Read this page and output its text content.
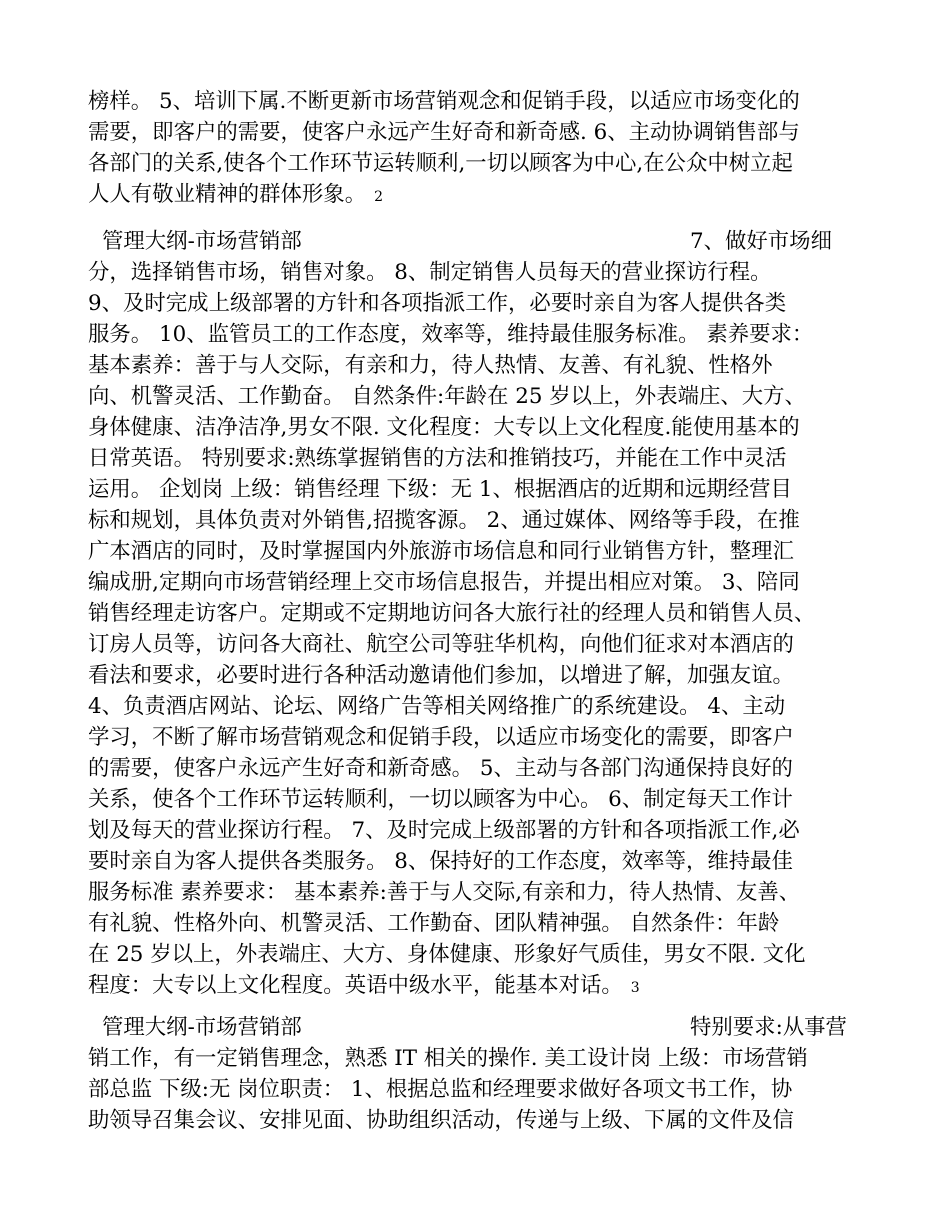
榜样。 5、培训下属.不断更新市场营销观念和促销手段，以适应市场变化的
需要，即客户的需要，使客户永远产生好奇和新奇感. 6、主动协调销售部与
各部门的关系,使各个工作环节运转顺利,一切以顾客为中心,在公众中树立起
人人有敬业精神的群体形象。 2
管理大纲-市场营销部	7、做好市场细
分，选择销售市场，销售对象。 8、制定销售人员每天的营业探访行程。
9、及时完成上级部署的方针和各项指派工作，必要时亲自为客人提供各类
服务。 10、监管员工的工作态度，效率等，维持最佳服务标准。 素养要求：
基本素养：善于与人交际，有亲和力，待人热情、友善、有礼貌、性格外
向、机警灵活、工作勤奋。 自然条件:年龄在 25 岁以上，外表端庄、大方、
身体健康、洁净洁净,男女不限. 文化程度：大专以上文化程度.能使用基本的
日常英语。 特别要求:熟练掌握销售的方法和推销技巧，并能在工作中灵活
运用。 企划岗 上级：销售经理 下级：无 1、根据酒店的近期和远期经营目
标和规划，具体负责对外销售,招揽客源。 2、通过媒体、网络等手段，在推
广本酒店的同时，及时掌握国内外旅游市场信息和同行业销售方针，整理汇
编成册,定期向市场营销经理上交市场信息报告，并提出相应对策。 3、陪同
销售经理走访客户。定期或不定期地访问各大旅行社的经理人员和销售人员、
订房人员等，访问各大商社、航空公司等驻华机构，向他们征求对本酒店的
看法和要求，必要时进行各种活动邀请他们参加，以增进了解，加强友谊。
4、负责酒店网站、论坛、网络广告等相关网络推广的系统建设。 4、主动
学习，不断了解市场营销观念和促销手段，以适应市场变化的需要，即客户
的需要，使客户永远产生好奇和新奇感。 5、主动与各部门沟通保持良好的
关系，使各个工作环节运转顺利，一切以顾客为中心。 6、制定每天工作计
划及每天的营业探访行程。 7、及时完成上级部署的方针和各项指派工作,必
要时亲自为客人提供各类服务。 8、保持好的工作态度，效率等，维持最佳
服务标准 素养要求： 基本素养:善于与人交际,有亲和力，待人热情、友善、
有礼貌、性格外向、机警灵活、工作勤奋、团队精神强。 自然条件：年龄
在 25 岁以上，外表端庄、大方、身体健康、形象好气质佳，男女不限. 文化
程度：大专以上文化程度。英语中级水平，能基本对话。 3
管理大纲-市场营销部	特别要求:从事营
销工作，有一定销售理念，熟悉 IT 相关的操作. 美工设计岗 上级：市场营销
部总监 下级:无 岗位职责： 1、根据总监和经理要求做好各项文书工作，协
助领导召集会议、安排见面、协助组织活动，传递与上级、下属的文件及信
